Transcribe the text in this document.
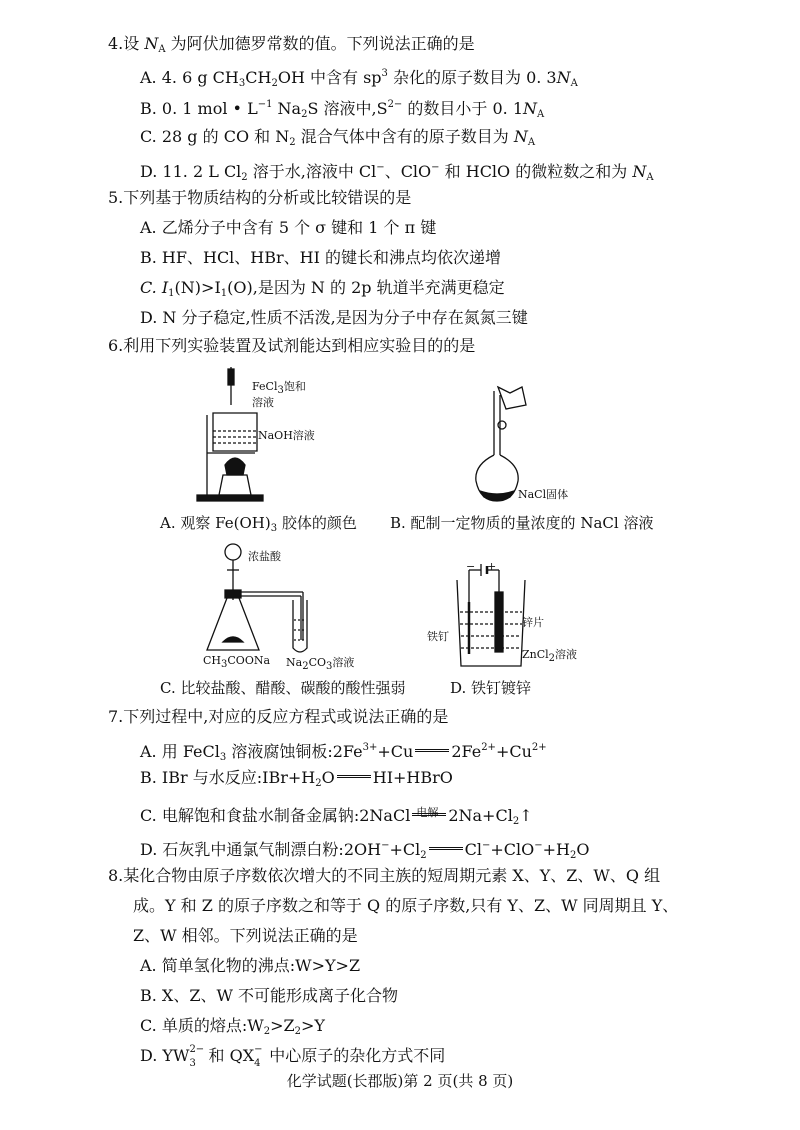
4.设 $N_A$ 为阿伏加德罗常数的值。下列说法正确的是
A. 4. 6 g $CH_3CH_2OH$ 中含有 $sp^3$ 杂化的原子数目为 0. $3N_A$
B. 0. 1 mol • $L^{-1}$ $Na_2S$ 溶液中$,S^{2-}$ 的数目小于 0. $1N_A$
C. 28 g 的 CO 和 $N_2$ 混合气体中含有的原子数目为 $N_A$
D. 11. 2 L $Cl_2$ 溶于水,溶液中 Cl−、ClO− 和 HClO 的微粒数之和为 $N_A$
5.下列基于物质结构的分析或比较错误的是
A. 乙烯分子中含有 5 个 σ 键和 1 个 π 键
B. HF、HCl、HBr、HI 的键长和沸点均依次递增
C. $I_1(N)>I_1(O)$,是因为 N 的 2p 轨道半充满更稳定
D. N 分子稳定,性质不活泼,是因为分子中存在氮氮三键
6.利用下列实验装置及试剂能达到相应实验目的的是
FeCl3饱和
溶液
NaOH溶液
NaCl固体
A. 观察 $Fe(OH)_3$ 胶体的颜色 B. 配制一定物质的量浓度的 NaCl 溶液
浓盐酸
CH3COONa Na2CO3溶液
− +
锌片
铁钉
ZnCl2溶液
C. 比较盐酸、醋酸、碳酸的酸性强弱	D. 铁钉镀锌
7.下列过程中,对应的反应方程式或说法正确的是
A. 用 FeCl$_3$ 溶液腐蚀铜板$:2Fe^{3+}+Cu$ $2Fe^{2+}+Cu^{2+}$
B. IBr 与水反应$:IBr+H_2O$ HI+HBrO
C. 电解饱和食盐水制备金属钠:2NaCl 电解 $2Na+Cl_2↑$
D. 石灰乳中通氯气制漂白粉$:2OH^-+Cl_2$ $Cl^-+ClO^-+H_2O$
8.某化合物由原子序数依次增大的不同主族的短周期元素 X、Y、Z、W、Q 组
成。Y 和 Z 的原子序数之和等于 Q 的原子序数,只有 Y、Z、W 同周期且 Y、
Z、W 相邻。下列说法正确的是
A. 简单氢化物的沸点:W>Y>Z
B. X、Z、W 不可能形成离子化合物
C. 单质的熔点$:W_2>Z_2>Y$
D. YW 2−
3 和 QX −
4 中心原子的杂化方式不同
化学试题(长郡版)第 2 页(共 8 页)
